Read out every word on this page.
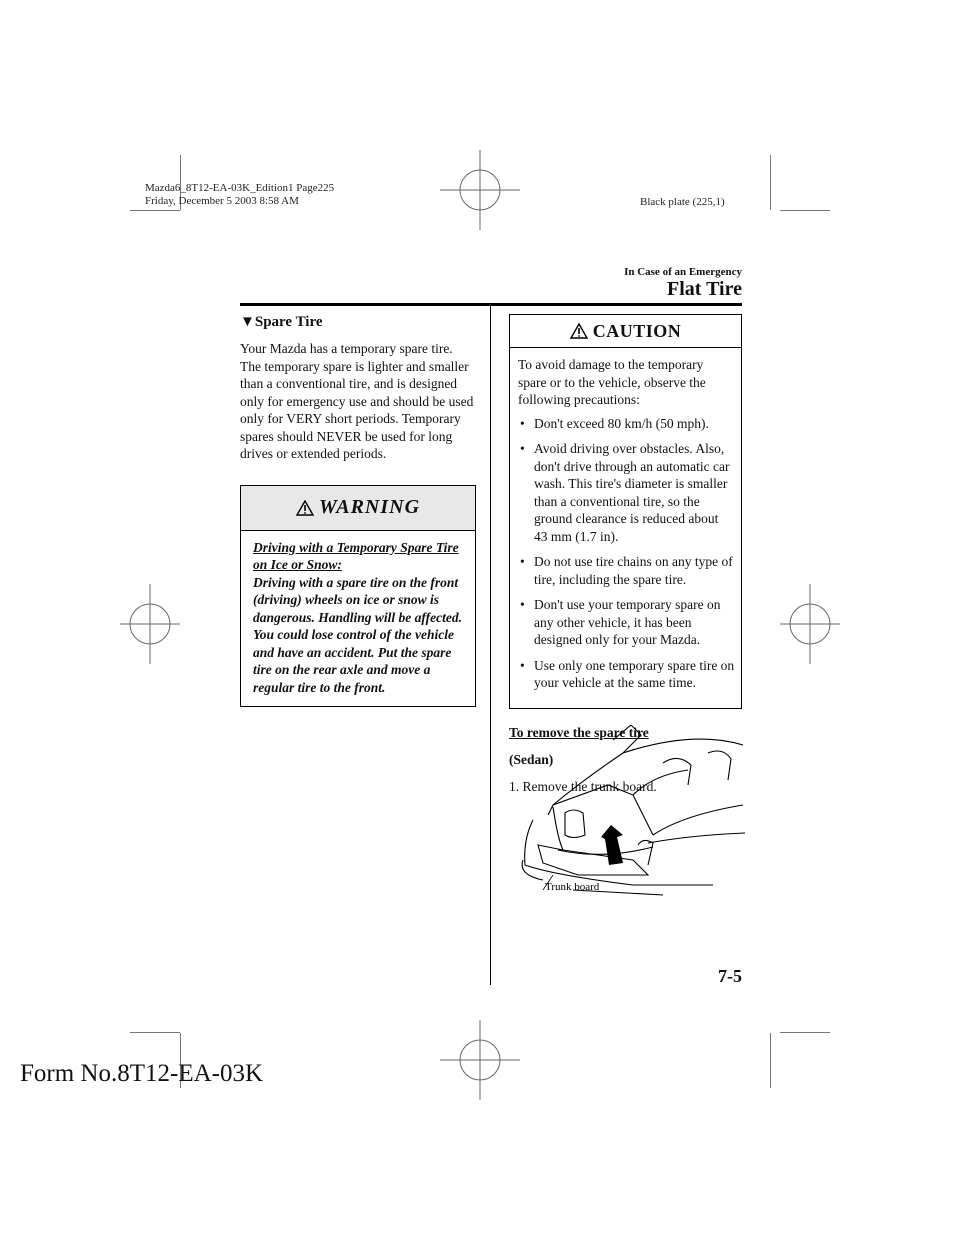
Mazda6_8T12-EA-03K_Edition1 Page225
Friday, December 5 2003 8:58 AM	Black plate (225,1)
In Case of an Emergency
Flat Tire
▼Spare Tire

Your Mazda has a temporary spare tire. The temporary spare is lighter and smaller than a conventional tire, and is designed only for emergency use and should be used only for VERY short periods. Temporary spares should NEVER be used for long drives or extended periods.

WARNING
Driving with a Temporary Spare Tire on Ice or Snow:
Driving with a spare tire on the front (driving) wheels on ice or snow is dangerous. Handling will be affected. You could lose control of the vehicle and have an accident. Put the spare tire on the rear axle and move a regular tire to the front.
CAUTION
To avoid damage to the temporary spare or to the vehicle, observe the following precautions:
• Don't exceed 80 km/h (50 mph).
• Avoid driving over obstacles. Also, don't drive through an automatic car wash. This tire's diameter is smaller than a conventional tire, so the ground clearance is reduced about 43 mm (1.7 in).
• Do not use tire chains on any type of tire, including the spare tire.
• Don't use your temporary spare on any other vehicle, it has been designed only for your Mazda.
• Use only one temporary spare tire on your vehicle at the same time.
To remove the spare tire
(Sedan)
1. Remove the trunk board.
Trunk board
7-5
Form No.8T12-EA-03K
